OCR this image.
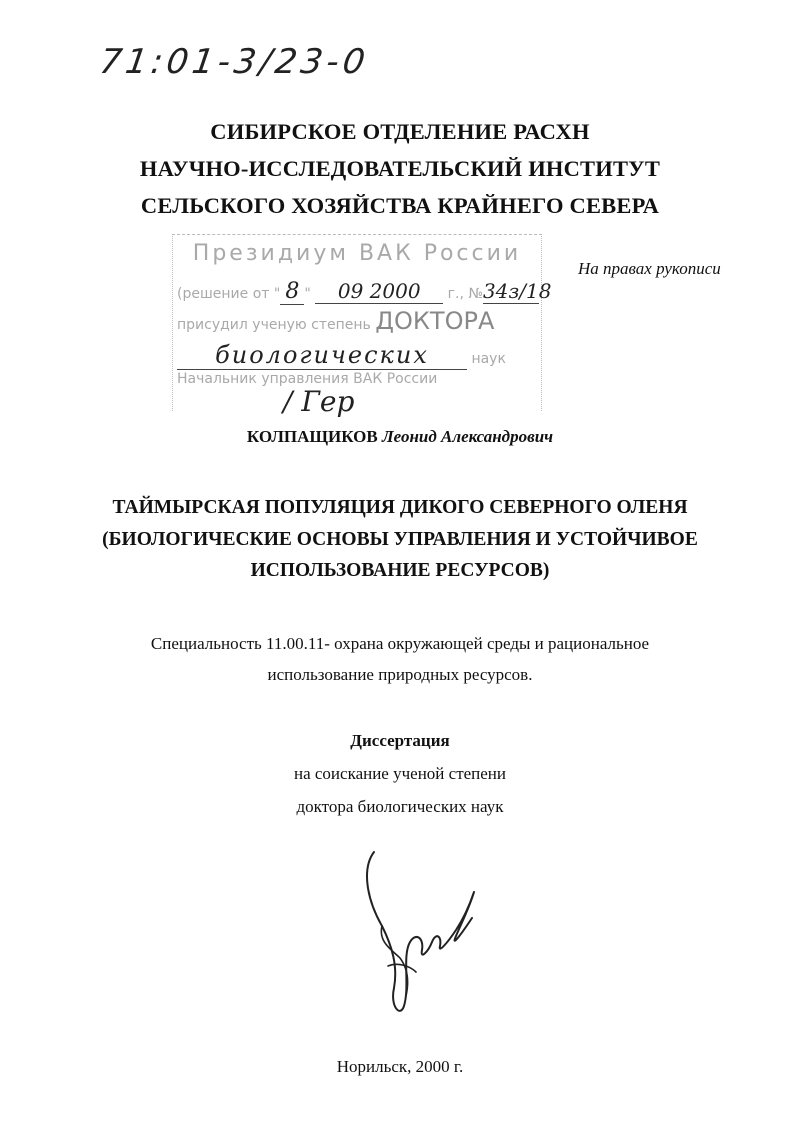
71:01-3/23-0
СИБИРСКОЕ ОТДЕЛЕНИЕ РАСХН
НАУЧНО-ИССЛЕДОВАТЕЛЬСКИЙ ИНСТИТУТ
СЕЛЬСКОГО ХОЗЯЙСТВА КРАЙНЕГО СЕВЕРА
Президиум ВАК России
(решение от " 8 " 09 2000 г., №34з/18
присудил ученую степень ДОКТОРА
биологических	наук
Начальник управления ВАК России
/ Гер
На правах рукописи
КОЛПАЩИКОВ Леонид Александрович
ТАЙМЫРСКАЯ ПОПУЛЯЦИЯ ДИКОГО СЕВЕРНОГО ОЛЕНЯ
(БИОЛОГИЧЕСКИЕ ОСНОВЫ УПРАВЛЕНИЯ И УСТОЙЧИВОЕ
ИСПОЛЬЗОВАНИЕ РЕСУРСОВ)
Специальность 11.00.11- охрана окружающей среды и рациональное
использование природных ресурсов.
Диссертация
на соискание ученой степени
доктора биологических наук
Норильск, 2000 г.
